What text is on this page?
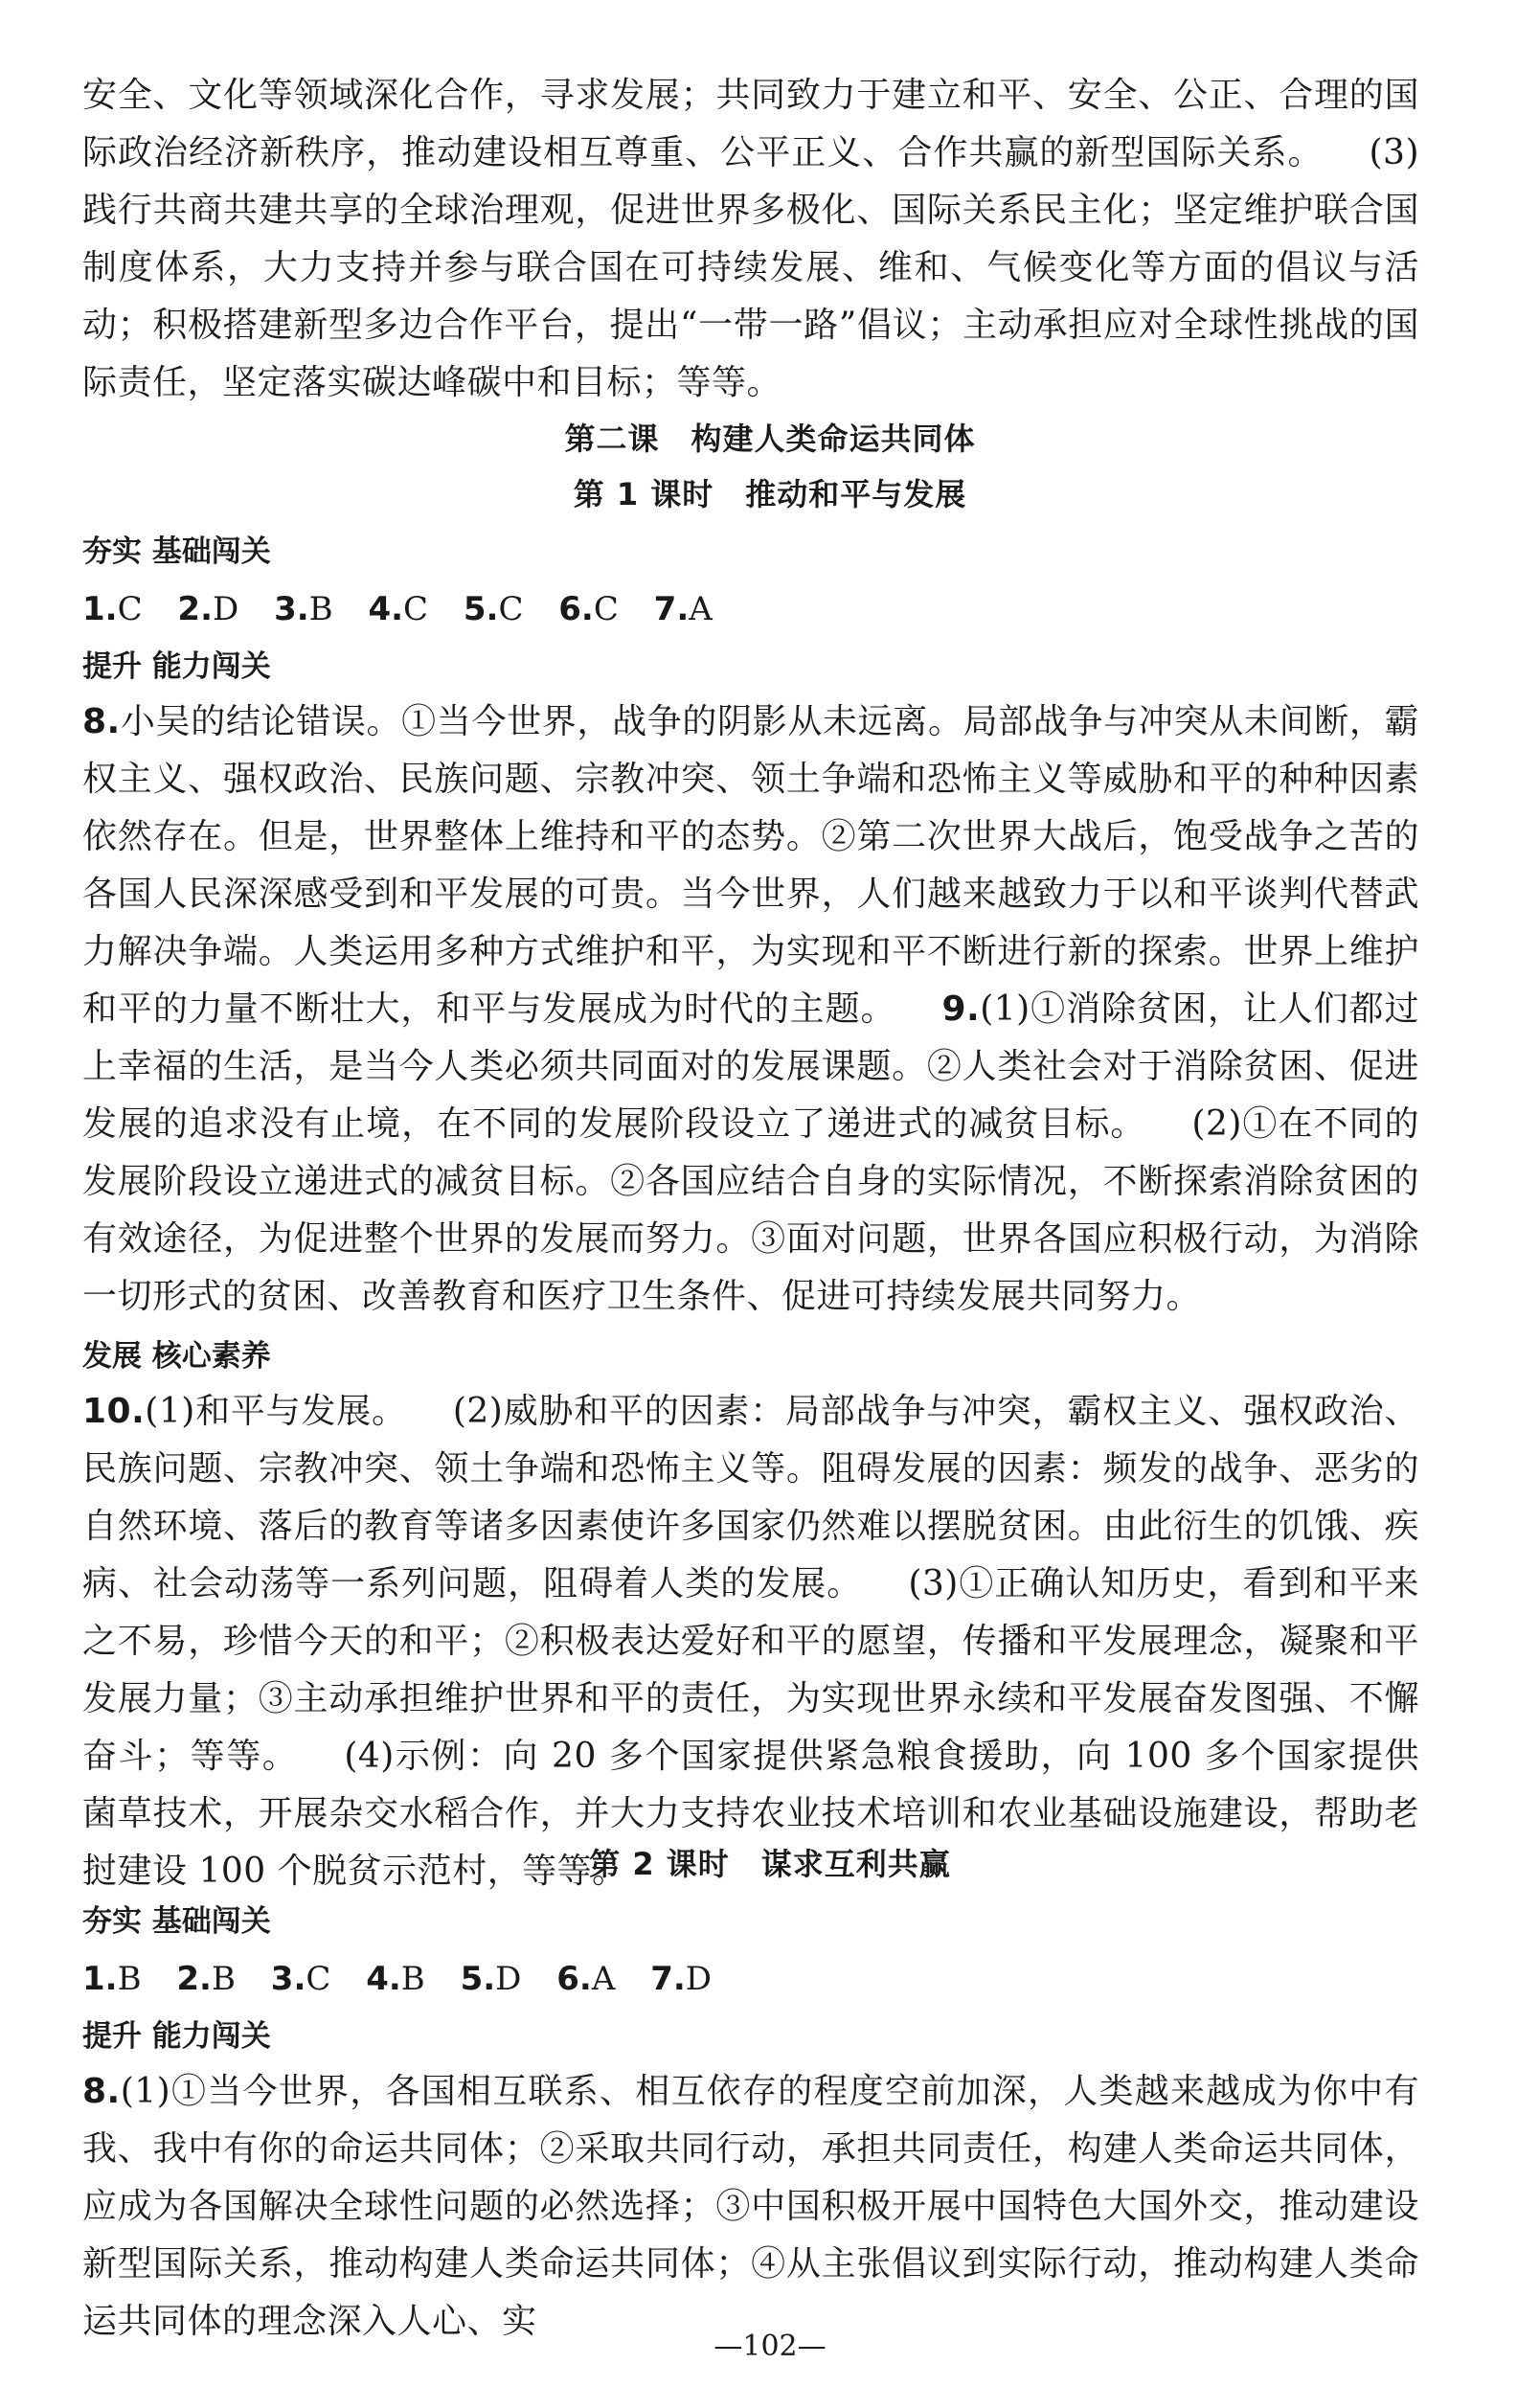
安全、文化等领域深化合作，寻求发展；共同致力于建立和平、安全、公正、合理的国际政治经济新秩序，推动建设相互尊重、公平正义、合作共赢的新型国际关系。 (3)践行共商共建共享的全球治理观，促进世界多极化、国际关系民主化；坚定维护联合国制度体系，大力支持并参与联合国在可持续发展、维和、气候变化等方面的倡议与活动；积极搭建新型多边合作平台，提出“一带一路”倡议；主动承担应对全球性挑战的国际责任，坚定落实碳达峰碳中和目标；等等。

第二课　构建人类命运共同体
第 1 课时　推动和平与发展
夯实 基础闯关
1.C 2.D 3.B 4.C 5.C 6.C 7.A
提升 能力闯关

8.小吴的结论错误。①当今世界，战争的阴影从未远离。局部战争与冲突从未间断，霸权主义、强权政治、民族问题、宗教冲突、领土争端和恐怖主义等威胁和平的种种因素依然存在。但是，世界整体上维持和平的态势。②第二次世界大战后，饱受战争之苦的各国人民深深感受到和平发展的可贵。当今世界，人们越来越致力于以和平谈判代替武力解决争端。人类运用多种方式维护和平，为实现和平不断进行新的探索。世界上维护和平的力量不断壮大，和平与发展成为时代的主题。 9.(1)①消除贫困，让人们都过上幸福的生活，是当今人类必须共同面对的发展课题。②人类社会对于消除贫困、促进发展的追求没有止境，在不同的发展阶段设立了递进式的减贫目标。 (2)①在不同的发展阶段设立递进式的减贫目标。②各国应结合自身的实际情况，不断探索消除贫困的有效途径，为促进整个世界的发展而努力。③面对问题，世界各国应积极行动，为消除一切形式的贫困、改善教育和医疗卫生条件、促进可持续发展共同努力。

发展 核心素养

10.(1)和平与发展。 (2)威胁和平的因素：局部战争与冲突，霸权主义、强权政治、民族问题、宗教冲突、领土争端和恐怖主义等。阻碍发展的因素：频发的战争、恶劣的自然环境、落后的教育等诸多因素使许多国家仍然难以摆脱贫困。由此衍生的饥饿、疾病、社会动荡等一系列问题，阻碍着人类的发展。 (3)①正确认知历史，看到和平来之不易，珍惜今天的和平；②积极表达爱好和平的愿望，传播和平发展理念，凝聚和平发展力量；③主动承担维护世界和平的责任，为实现世界永续和平发展奋发图强、不懈奋斗；等等。 (4)示例：向 20 多个国家提供紧急粮食援助，向 100 多个国家提供菌草技术，开展杂交水稻合作，并大力支持农业技术培训和农业基础设施建设，帮助老挝建设 100 个脱贫示范村，等等。

第 2 课时　谋求互利共赢
夯实 基础闯关
1.B 2.B 3.C 4.B 5.D 6.A 7.D
提升 能力闯关

8.(1)①当今世界，各国相互联系、相互依存的程度空前加深，人类越来越成为你中有我、我中有你的命运共同体；②采取共同行动，承担共同责任，构建人类命运共同体，应成为各国解决全球性问题的必然选择；③中国积极开展中国特色大国外交，推动建设新型国际关系，推动构建人类命运共同体；④从主张倡议到实际行动，推动构建人类命运共同体的理念深入人心、实

—102—
